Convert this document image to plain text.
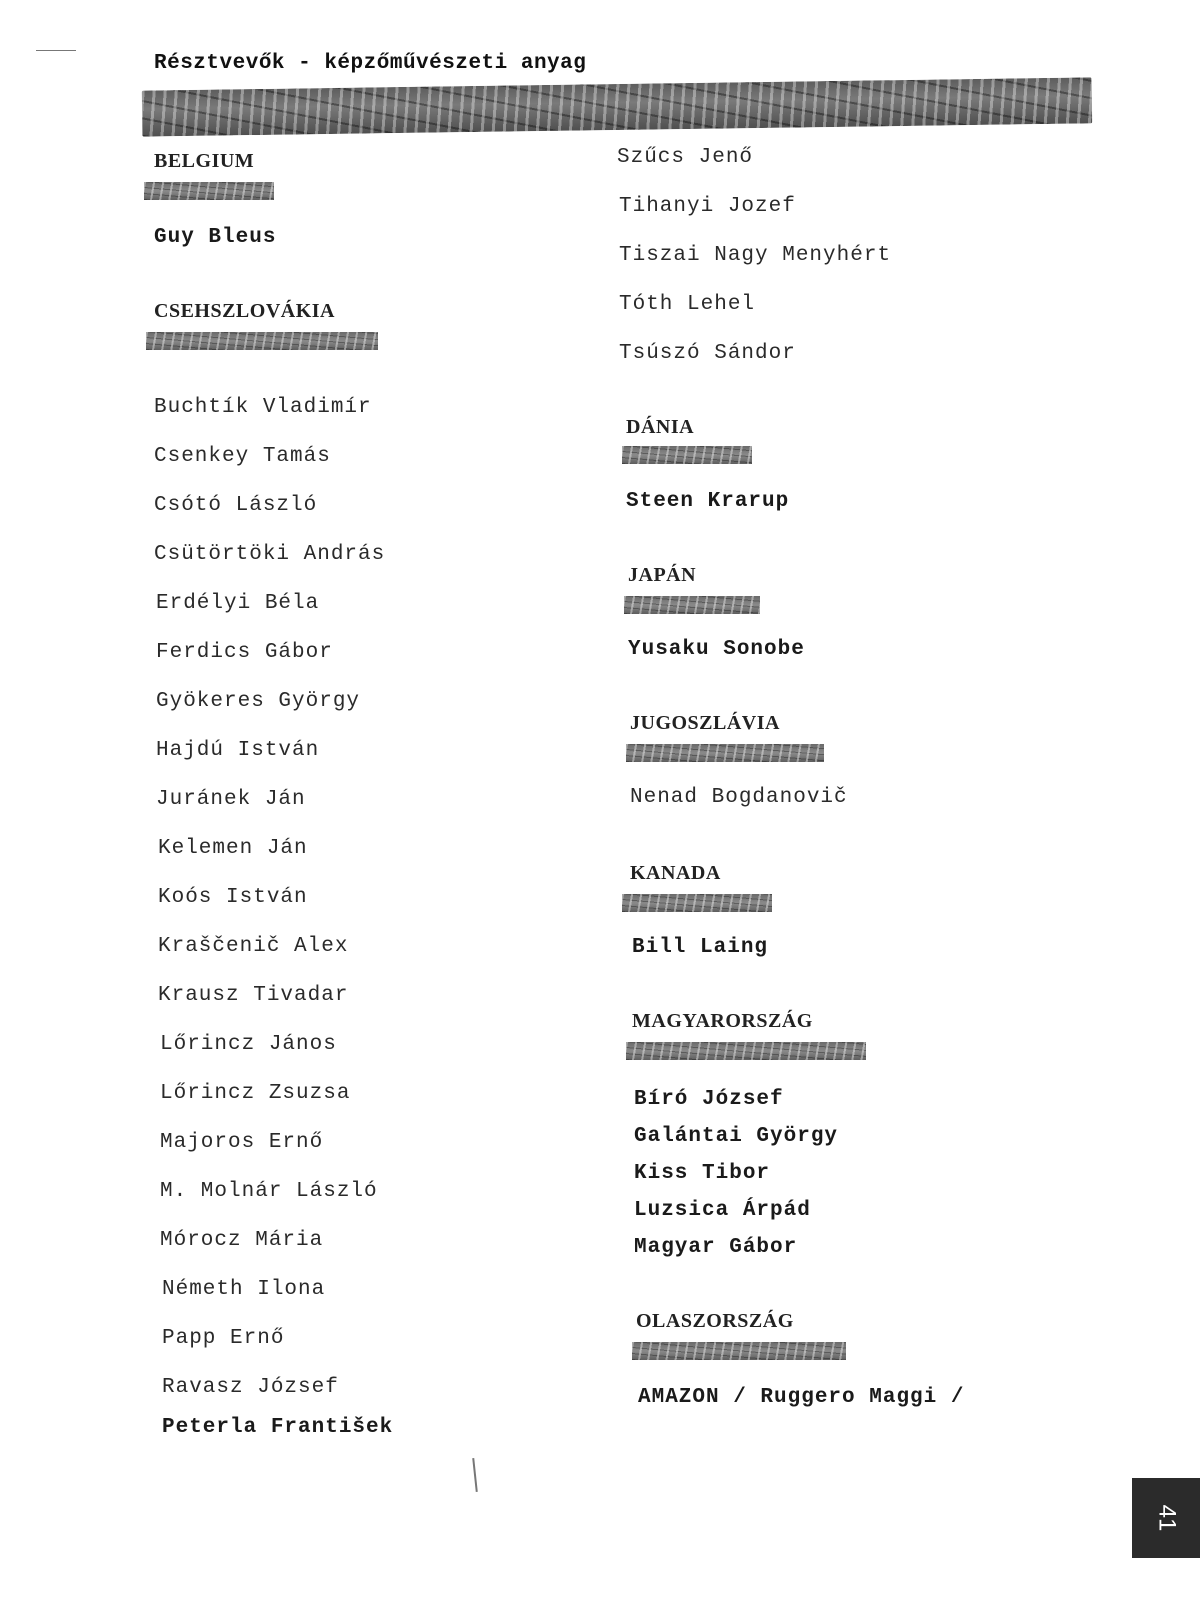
Résztvevők - képzőművészeti anyag
BELGIUM
Guy Bleus
CSEHSZLOVÁKIA
Buchtík Vladimír
Csenkey Tamás
Csótó László
Csütörtöki András
Erdélyi Béla
Ferdics Gábor
Gyökeres György
Hajdú István
Juránek Ján
Kelemen Ján
Koós István
Kraščenič Alex
Krausz Tivadar
Lőrincz János
Lőrincz Zsuzsa
Majoros Ernő
M. Molnár László
Mórocz Mária
Németh Ilona
Papp Ernő
Ravasz József
Peterla František
Szűcs Jenő
Tihanyi Jozef
Tiszai Nagy Menyhért
Tóth Lehel
Tsúszó Sándor
DÁNIA
Steen Krarup
JAPÁN
Yusaku Sonobe
JUGOSZLÁVIA
Nenad Bogdanovič
KANADA
Bill Laing
MAGYARORSZÁG
Bíró József
Galántai György
Kiss Tibor
Luzsica Árpád
Magyar Gábor
OLASZORSZÁG
AMAZON / Ruggero Maggi /
41
